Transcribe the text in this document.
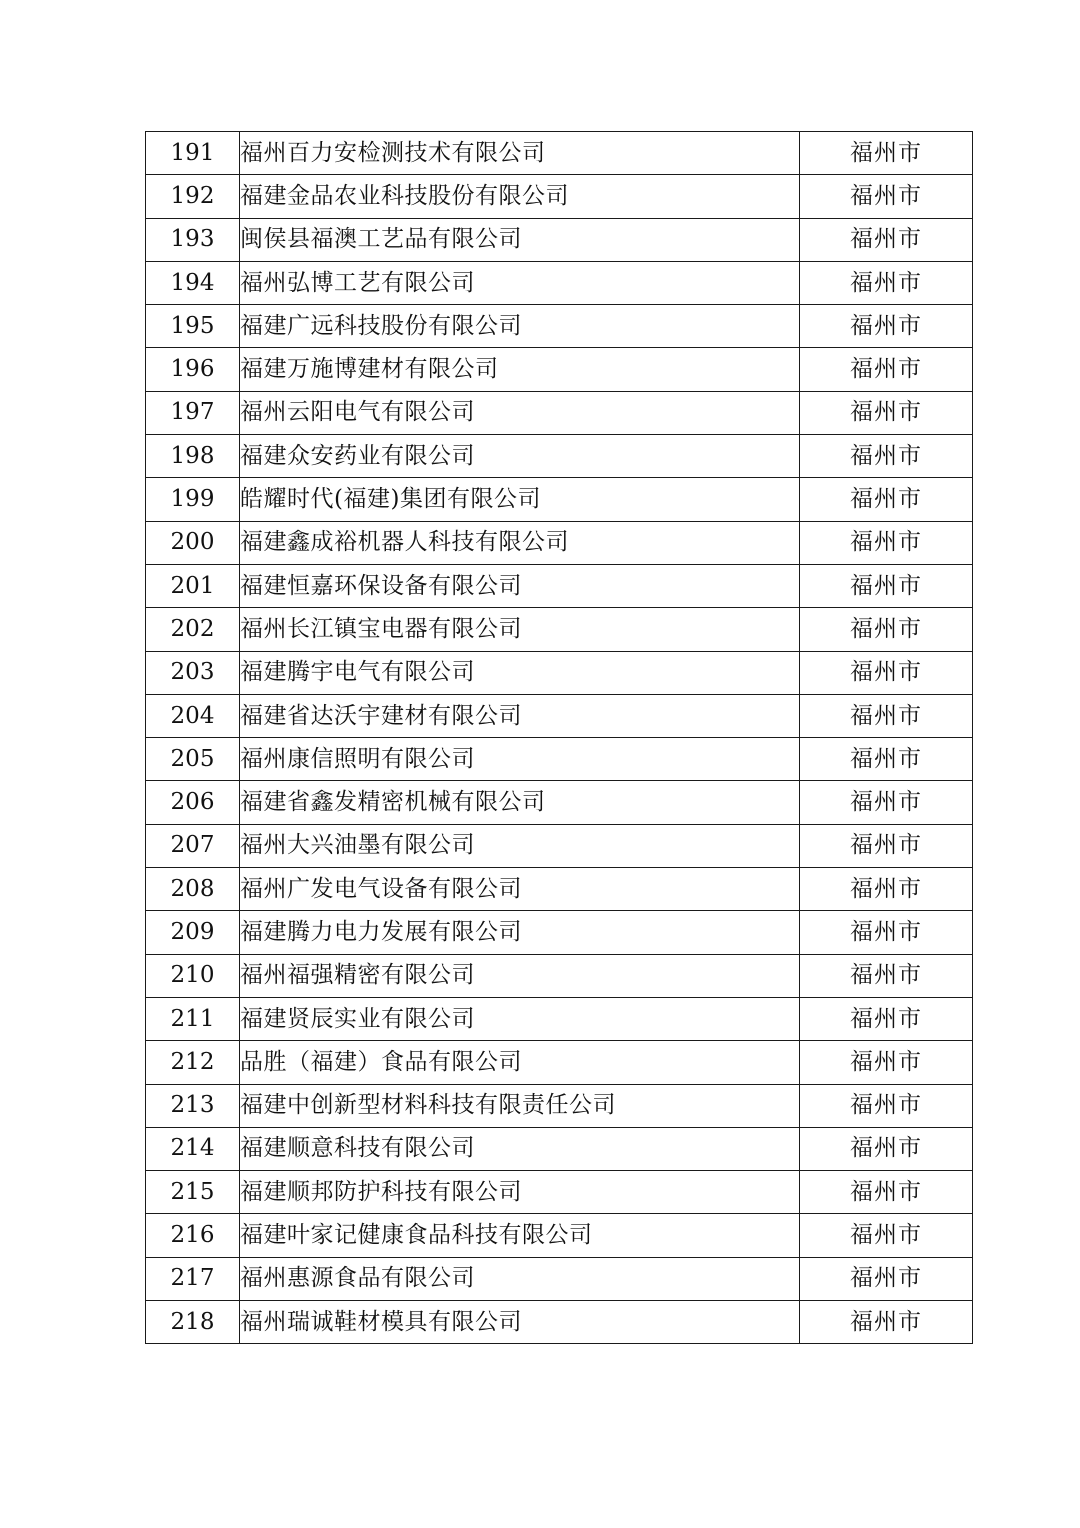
191	福州百力安检测技术有限公司	福州市
192	福建金品农业科技股份有限公司	福州市
193	闽侯县福澳工艺品有限公司	福州市
194	福州弘博工艺有限公司	福州市
195	福建广远科技股份有限公司	福州市
196	福建万施博建材有限公司	福州市
197	福州云阳电气有限公司	福州市
198	福建众安药业有限公司	福州市
199	皓耀时代(福建)集团有限公司	福州市
200	福建鑫成裕机器人科技有限公司	福州市
201	福建恒嘉环保设备有限公司	福州市
202	福州长江镇宝电器有限公司	福州市
203	福建腾宇电气有限公司	福州市
204	福建省达沃宇建材有限公司	福州市
205	福州康信照明有限公司	福州市
206	福建省鑫发精密机械有限公司	福州市
207	福州大兴油墨有限公司	福州市
208	福州广发电气设备有限公司	福州市
209	福建腾力电力发展有限公司	福州市
210	福州福强精密有限公司	福州市
211	福建贤辰实业有限公司	福州市
212	品胜（福建）食品有限公司	福州市
213	福建中创新型材料科技有限责任公司	福州市
214	福建顺意科技有限公司	福州市
215	福建顺邦防护科技有限公司	福州市
216	福建叶家记健康食品科技有限公司	福州市
217	福州惠源食品有限公司	福州市
218	福州瑞诚鞋材模具有限公司	福州市
